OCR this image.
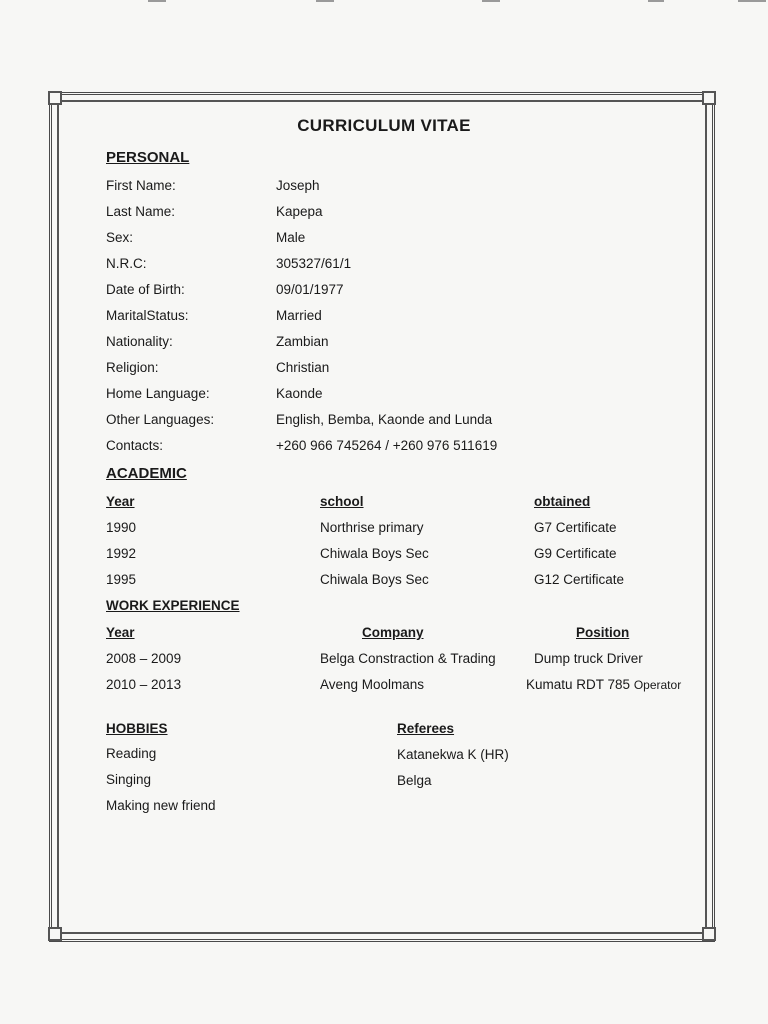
CURRICULUM VITAE
PERSONAL
First Name:	Joseph
Last Name:	Kapepa
Sex:	Male
N.R.C:	305327/61/1
Date of Birth:	09/01/1977
MaritalStatus:	Married
Nationality:	Zambian
Religion:	Christian
Home Language:	Kaonde
Other Languages:	English, Bemba, Kaonde and Lunda
Contacts:	+260 966 745264 / +260 976 511619
ACADEMIC
Year	school	obtained
1990	Northrise primary	G7 Certificate
1992	Chiwala Boys Sec	G9 Certificate
1995	Chiwala Boys Sec	G12 Certificate
WORK EXPERIENCE
Year	Company	Position
2008 – 2009	Belga Constraction & Trading	Dump truck Driver
2010 – 2013	Aveng Moolmans	Kumatu RDT 785 Operator
HOBBIES
Reading
Singing
Making new friend
Referees
Katanekwa K (HR)
Belga
